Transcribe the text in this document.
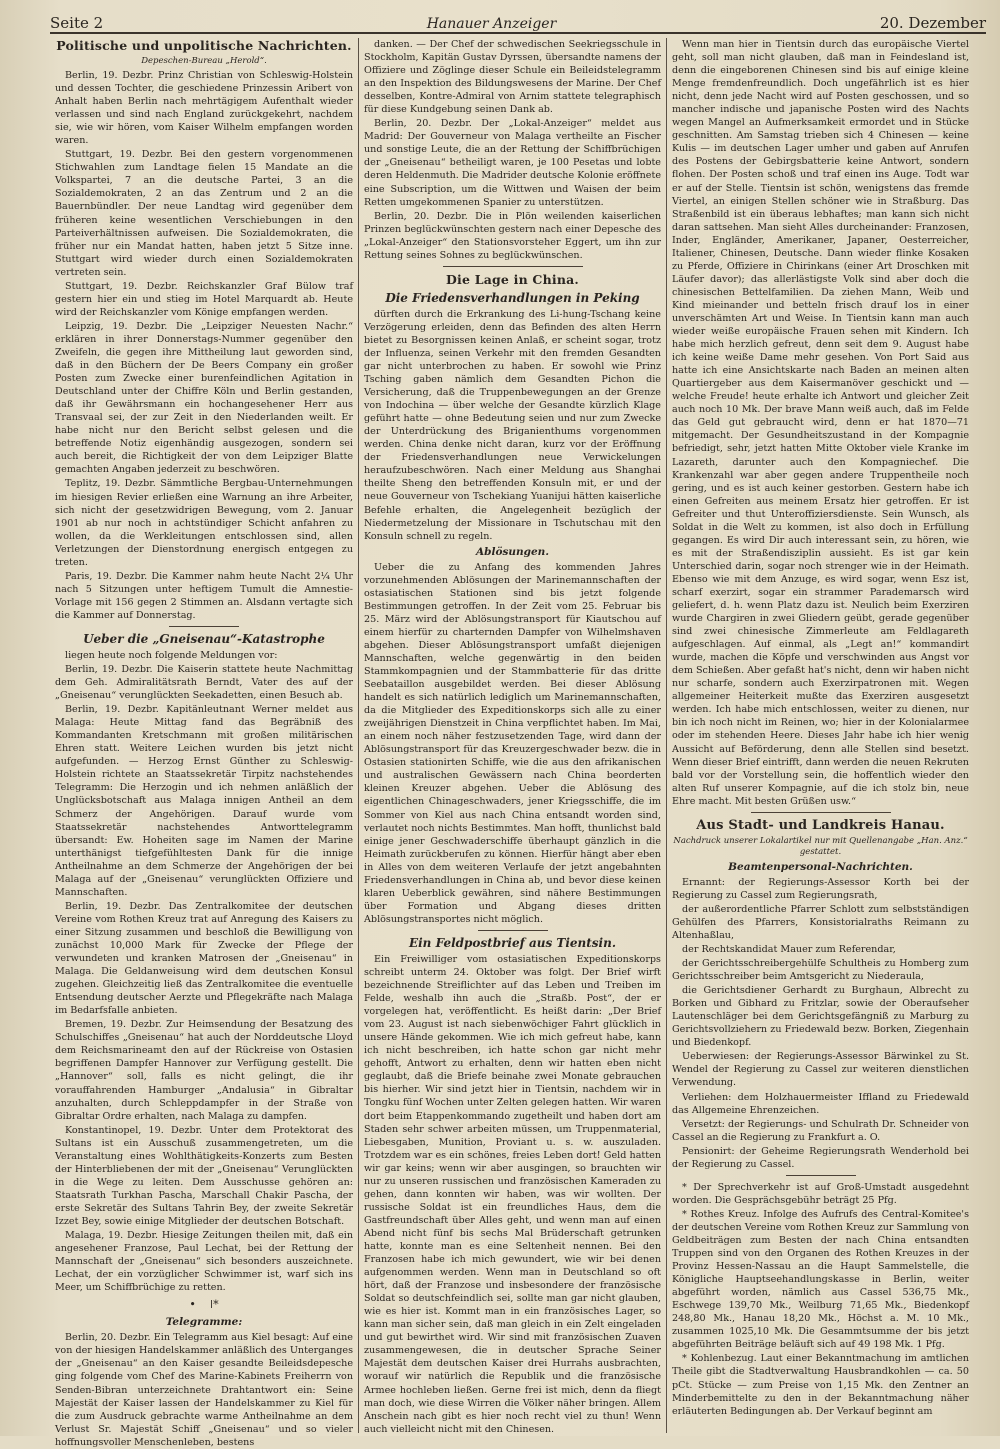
Seite 2	Hanauer Anzeiger	20. Dezember
Politische und unpolitische Nachrichten.
Depeschen-Bureau „Herold“.

Berlin, 19. Dezbr. Prinz Christian von Schleswig-Holstein und dessen Tochter, die geschiedene Prinzessin Aribert von Anhalt haben Berlin nach mehrtägigem Aufenthalt wieder verlassen und sind nach England zurückgekehrt, nachdem sie, wie wir hören, vom Kaiser Wilhelm empfangen worden waren.

Stuttgart, 19. Dezbr. Bei den gestern vorgenommenen Stichwahlen zum Landtage fielen 15 Mandate an die Volkspartei, 7 an die deutsche Partei, 3 an die Sozialdemokraten, 2 an das Zentrum und 2 an die Bauernbündler. Der neue Landtag wird gegenüber dem früheren keine wesentlichen Verschiebungen in den Parteiverhältnissen aufweisen. Die Sozialdemokraten, die früher nur ein Mandat hatten, haben jetzt 5 Sitze inne. Stuttgart wird wieder durch einen Sozialdemokraten vertreten sein.

Stuttgart, 19. Dezbr. Reichskanzler Graf Bülow traf gestern hier ein und stieg im Hotel Marquardt ab. Heute wird der Reichskanzler vom Könige empfangen werden.

Leipzig, 19. Dezbr. Die „Leipziger Neuesten Nachr.“ erklären in ihrer Donnerstags-Nummer gegenüber den Zweifeln, die gegen ihre Mittheilung laut geworden sind, daß in den Büchern der De Beers Company ein großer Posten zum Zwecke einer burenfeindlichen Agitation in Deutschland unter der Chiffre Köln und Berlin gestanden, daß ihr Gewährsmann ein hochangesehener Herr aus Transvaal sei, der zur Zeit in den Niederlanden weilt. Er habe nicht nur den Bericht selbst gelesen und die betreffende Notiz eigenhändig ausgezogen, sondern sei auch bereit, die Richtigkeit der von dem Leipziger Blatte gemachten Angaben jederzeit zu beschwören.

Teplitz, 19. Dezbr. Sämmtliche Bergbau-Unternehmungen im hiesigen Revier erließen eine Warnung an ihre Arbeiter, sich nicht der gesetzwidrigen Bewegung, vom 2. Januar 1901 ab nur noch in achtstündiger Schicht anfahren zu wollen, da die Werkleitungen entschlossen sind, allen Verletzungen der Dienstordnung energisch entgegen zu treten.

Paris, 19. Dezbr. Die Kammer nahm heute Nacht 2¼ Uhr nach 5 Sitzungen unter heftigem Tumult die Amnestie-Vorlage mit 156 gegen 2 Stimmen an. Alsdann vertagte sich die Kammer auf Donnerstag.

Ueber die „Gneisenau“-Katastrophe

liegen heute noch folgende Meldungen vor:

Berlin, 19. Dezbr. Die Kaiserin stattete heute Nachmittag dem Geh. Admiralitätsrath Berndt, Vater des auf der „Gneisenau“ verunglückten Seekadetten, einen Besuch ab.

Berlin, 19. Dezbr. Kapitänleutnant Werner meldet aus Malaga: Heute Mittag fand das Begräbniß des Kommandanten Kretschmann mit großen militärischen Ehren statt. Weitere Leichen wurden bis jetzt nicht aufgefunden. — Herzog Ernst Günther zu Schleswig-Holstein richtete an Staatssekretär Tirpitz nachstehendes Telegramm: Die Herzogin und ich nehmen anläßlich der Unglücksbotschaft aus Malaga innigen Antheil an dem Schmerz der Angehörigen. Darauf wurde vom Staatssekretär nachstehendes Antworttelegramm übersandt: Ew. Hoheiten sage im Namen der Marine unterthänigst tiefgefühltesten Dank für die innige Antheilnahme an dem Schmerze der Angehörigen der bei Malaga auf der „Gneisenau“ verunglückten Offiziere und Mannschaften.

Berlin, 19. Dezbr. Das Zentralkomitee der deutschen Vereine vom Rothen Kreuz trat auf Anregung des Kaisers zu einer Sitzung zusammen und beschloß die Bewilligung von zunächst 10,000 Mark für Zwecke der Pflege der verwundeten und kranken Matrosen der „Gneisenau“ in Malaga. Die Geldanweisung wird dem deutschen Konsul zugehen. Gleichzeitig ließ das Zentralkomitee die eventuelle Entsendung deutscher Aerzte und Pflegekräfte nach Malaga im Bedarfsfalle anbieten.

Bremen, 19. Dezbr. Zur Heimsendung der Besatzung des Schulschiffes „Gneisenau“ hat auch der Norddeutsche Lloyd dem Reichsmarineamt den auf der Rückreise von Ostasien begriffenen Dampfer Hannover zur Verfügung gestellt. Die „Hannover“ soll, falls es nicht gelingt, die ihr vorauffahrenden Hamburger „Andalusia“ in Gibraltar anzuhalten, durch Schleppdampfer in der Straße von Gibraltar Ordre erhalten, nach Malaga zu dampfen.

Konstantinopel, 19. Dezbr. Unter dem Protektorat des Sultans ist ein Ausschuß zusammengetreten, um die Veranstaltung eines Wohlthätigkeits-Konzerts zum Besten der Hinterbliebenen der mit der „Gneisenau“ Verunglückten in die Wege zu leiten. Dem Ausschusse gehören an: Staatsrath Turkhan Pascha, Marschall Chakir Pascha, der erste Sekretär des Sultans Tahrin Bey, der zweite Sekretär Izzet Bey, sowie einige Mitglieder der deutschen Botschaft.

Malaga, 19. Dezbr. Hiesige Zeitungen theilen mit, daß ein angesehener Franzose, Paul Lechat, bei der Rettung der Mannschaft der „Gneisenau“ sich besonders auszeichnete. Lechat, der ein vorzüglicher Schwimmer ist, warf sich ins Meer, um Schiffbrüchige zu retten.

•    ǀ*
Telegramme:

Berlin, 20. Dezbr. Ein Telegramm aus Kiel besagt: Auf eine von der hiesigen Handelskammer anläßlich des Unterganges der „Gneisenau“ an den Kaiser gesandte Beileidsdepesche ging folgende vom Chef des Marine-Kabinets Freiherrn von Senden-Bibran unterzeichnete Drahtantwort ein: Seine Majestät der Kaiser lassen der Handelskammer zu Kiel für die zum Ausdruck gebrachte warme Antheilnahme an dem Verlust Sr. Majestät Schiff „Gneisenau“ und so vieler hoffnungsvoller Menschenleben, bestens

danken. — Der Chef der schwedischen Seekriegsschule in Stockholm, Kapitän Gustav Dyrssen, übersandte namens der Offiziere und Zöglinge dieser Schule ein Beileidstelegramm an den Inspektion des Bildungswesens der Marine. Der Chef desselben, Kontre-Admiral von Arnim stattete telegraphisch für diese Kundgebung seinen Dank ab.

Berlin, 20. Dezbr. Der „Lokal-Anzeiger“ meldet aus Madrid: Der Gouverneur von Malaga vertheilte an Fischer und sonstige Leute, die an der Rettung der Schiffbrüchigen der „Gneisenau“ betheiligt waren, je 100 Pesetas und lobte deren Heldenmuth. Die Madrider deutsche Kolonie eröffnete eine Subscription, um die Wittwen und Waisen der beim Retten umgekommenen Spanier zu unterstützen.

Berlin, 20. Dezbr. Die in Plön weilenden kaiserlichen Prinzen beglückwünschten gestern nach einer Depesche des „Lokal-Anzeiger“ den Stationsvorsteher Eggert, um ihn zur Rettung seines Sohnes zu beglückwünschen.

Die Lage in China.
Die Friedensverhandlungen in Peking

dürften durch die Erkrankung des Li-hung-Tschang keine Verzögerung erleiden, denn das Befinden des alten Herrn bietet zu Besorgnissen keinen Anlaß, er scheint sogar, trotz der Influenza, seinen Verkehr mit den fremden Gesandten gar nicht unterbrochen zu haben. Er sowohl wie Prinz Tsching gaben nämlich dem Gesandten Pichon die Versicherung, daß die Truppenbewegungen an der Grenze von Indochina — über welche der Gesandte kürzlich Klage geführt hatte — ohne Bedeutung seien und nur zum Zwecke der Unterdrückung des Briganienthums vorgenommen werden. China denke nicht daran, kurz vor der Eröffnung der Friedensverhandlungen neue Verwickelungen heraufzubeschwören. Nach einer Meldung aus Shanghai theilte Sheng den betreffenden Konsuln mit, er und der neue Gouverneur von Tschekiang Yuanijui hätten kaiserliche Befehle erhalten, die Angelegenheit bezüglich der Niedermetzelung der Missionare in Tschutschau mit den Konsuln schnell zu regeln.

Ablösungen.

Ueber die zu Anfang des kommenden Jahres vorzunehmenden Ablösungen der Marinemannschaften der ostasiatischen Stationen sind bis jetzt folgende Bestimmungen getroffen. In der Zeit vom 25. Februar bis 25. März wird der Ablösungstransport für Kiautschou auf einem hierfür zu charternden Dampfer von Wilhelmshaven abgehen. Dieser Ablösungstransport umfaßt diejenigen Mannschaften, welche gegenwärtig in den beiden Stammkompagnien und der Stammbatterie für das dritte Seebataillon ausgebildet werden. Bei dieser Ablösung handelt es sich natürlich lediglich um Marinemannschaften, da die Mitglieder des Expeditionskorps sich alle zu einer zweijährigen Dienstzeit in China verpflichtet haben. Im Mai, an einem noch näher festzusetzenden Tage, wird dann der Ablösungstransport für das Kreuzergeschwader bezw. die in Ostasien stationirten Schiffe, wie die aus den afrikanischen und australischen Gewässern nach China beorderten kleinen Kreuzer abgehen. Ueber die Ablösung des eigentlichen Chinageschwaders, jener Kriegsschiffe, die im Sommer von Kiel aus nach China entsandt worden sind, verlautet noch nichts Bestimmtes. Man hofft, thunlichst bald einige jener Geschwaderschiffe überhaupt gänzlich in die Heimath zurückberufen zu können. Hierfür hängt aber eben in Alles von dem weiteren Verlaufe der jetzt angebahnten Friedensverhandlungen in China ab, und bevor diese keinen klaren Ueberblick gewähren, sind nähere Bestimmungen über Formation und Abgang dieses dritten Ablösungstransportes nicht möglich.

Ein Feldpostbrief aus Tientsin.

Ein Freiwilliger vom ostasiatischen Expeditionskorps schreibt unterm 24. Oktober was folgt. Der Brief wirft bezeichnende Streiflichter auf das Leben und Treiben im Felde, weshalb ihn auch die „Straßb. Post“, der er vorgelegen hat, veröffentlicht. Es heißt darin: „Der Brief vom 23. August ist nach siebenwöchiger Fahrt glücklich in unsere Hände gekommen. Wie ich mich gefreut habe, kann ich nicht beschreiben, ich hatte schon gar nicht mehr gehofft, Antwort zu erhalten, denn wir hatten eben nicht geglaubt, daß die Briefe beinahe zwei Monate gebrauchen bis hierher. Wir sind jetzt hier in Tientsin, nachdem wir in Tongku fünf Wochen unter Zelten gelegen hatten. Wir waren dort beim Etappenkommando zugetheilt und haben dort am Staden sehr schwer arbeiten müssen, um Truppenmaterial, Liebesgaben, Munition, Proviant u. s. w. auszuladen. Trotzdem war es ein schönes, freies Leben dort! Geld hatten wir gar keins; wenn wir aber ausgingen, so brauchten wir nur zu unseren russischen und französischen Kameraden zu gehen, dann konnten wir haben, was wir wollten. Der russische Soldat ist ein freundliches Haus, dem die Gastfreundschaft über Alles geht, und wenn man auf einen Abend nicht fünf bis sechs Mal Brüderschaft getrunken hatte, konnte man es eine Seltenheit nennen. Bei den Franzosen habe ich mich gewundert, wie wir bei denen aufgenommen werden. Wenn man in Deutschland so oft hört, daß der Franzose und insbesondere der französische Soldat so deutschfeindlich sei, sollte man gar nicht glauben, wie es hier ist. Kommt man in ein französisches Lager, so kann man sicher sein, daß man gleich in ein Zelt eingeladen und gut bewirthet wird. Wir sind mit französischen Zuaven zusammengewesen, die in deutscher Sprache Seiner Majestät dem deutschen Kaiser drei Hurrahs ausbrachten, worauf wir natürlich die Republik und die französische Armee hochleben ließen. Gerne frei ist mich, denn da fliegt man doch, wie diese Wirren die Völker näher bringen. Allem Anschein nach gibt es hier noch recht viel zu thun! Wenn auch vielleicht nicht mit den Chinesen.

Wenn man hier in Tientsin durch das europäische Viertel geht, soll man nicht glauben, daß man in Feindesland ist, denn die eingeborenen Chinesen sind bis auf einige kleine Menge fremdenfreundlich. Doch ungefährlich ist es hier nicht, denn jede Nacht wird auf Posten geschossen, und so mancher indische und japanische Posten wird des Nachts wegen Mangel an Aufmerksamkeit ermordet und in Stücke geschnitten. Am Samstag trieben sich 4 Chinesen — keine Kulis — im deutschen Lager umher und gaben auf Anrufen des Postens der Gebirgsbatterie keine Antwort, sondern flohen. Der Posten schoß und traf einen ins Auge. Todt war er auf der Stelle. Tientsin ist schön, wenigstens das fremde Viertel, an einigen Stellen schöner wie in Straßburg. Das Straßenbild ist ein überaus lebhaftes; man kann sich nicht daran sattsehen. Man sieht Alles durcheinander: Franzosen, Inder, Engländer, Amerikaner, Japaner, Oesterreicher, Italiener, Chinesen, Deutsche. Dann wieder flinke Kosaken zu Pferde, Offiziere in Chirinkans (einer Art Droschken mit Läufer davor); das allerlästigste Volk sind aber doch die chinesischen Bettelfamilien. Da ziehen Mann, Weib und Kind mieinander und betteln frisch drauf los in einer unverschämten Art und Weise. In Tientsin kann man auch wieder weiße europäische Frauen sehen mit Kindern. Ich habe mich herzlich gefreut, denn seit dem 9. August habe ich keine weiße Dame mehr gesehen. Von Port Said aus hatte ich eine Ansichtskarte nach Baden an meinen alten Quartiergeber aus dem Kaisermanöver geschickt und — welche Freude! heute erhalte ich Antwort und gleicher Zeit auch noch 10 Mk. Der brave Mann weiß auch, daß im Felde das Geld gut gebraucht wird, denn er hat 1870—71 mitgemacht. Der Gesundheitszustand in der Kompagnie befriedigt, sehr, jetzt hatten Mitte Oktober viele Kranke im Lazareth, darunter auch den Kompagniechef. Die Krankenzahl war aber gegen andere Truppentheile noch gering, und es ist auch keiner gestorben. Gestern habe ich einen Gefreiten aus meinem Ersatz hier getroffen. Er ist Gefreiter und thut Unteroffiziersdienste. Sein Wunsch, als Soldat in die Welt zu kommen, ist also doch in Erfüllung gegangen. Es wird Dir auch interessant sein, zu hören, wie es mit der Straßendisziplin aussieht. Es ist gar kein Unterschied darin, sogar noch strenger wie in der Heimath. Ebenso wie mit dem Anzuge, es wird sogar, wenn Esz ist, scharf exerzirt, sogar ein strammer Parademarsch wird geliefert, d. h. wenn Platz dazu ist. Neulich beim Exerziren wurde Chargiren in zwei Gliedern geübt, gerade gegenüber sind zwei chinesische Zimmerleute am Feldlagareth aufgeschlagen. Auf einmal, als „Legt an!“ kommandirt wurde, machen die Köpfe und verschwinden aus Angst vor dem Schießen. Aber gefaßt hat's nicht, denn wir haben nicht nur scharfe, sondern auch Exerzirpatronen mit. Wegen allgemeiner Heiterkeit mußte das Exerziren ausgesetzt werden. Ich habe mich entschlossen, weiter zu dienen, nur bin ich noch nicht im Reinen, wo; hier in der Kolonialarmee oder im stehenden Heere. Dieses Jahr habe ich hier wenig Aussicht auf Beförderung, denn alle Stellen sind besetzt. Wenn dieser Brief eintrifft, dann werden die neuen Rekruten bald vor der Vorstellung sein, die hoffentlich wieder den alten Ruf unserer Kompagnie, auf die ich stolz bin, neue Ehre macht. Mit besten Grüßen usw.“

Aus Stadt- und Landkreis Hanau.
Nachdruck unserer Lokalartikel nur mit Quellenangabe „Han. Anz.“ gestattet.
Beamtenpersonal-Nachrichten.

Ernannt: der Regierungs-Assessor Korth bei der Regierung zu Cassel zum Regierungsrath,

der außerordentliche Pfarrer Schlott zum selbstständigen Gehülfen des Pfarrers, Konsistorialraths Reimann zu Altenhaßlau,

der Rechtskandidat Mauer zum Referendar,

der Gerichtsschreibergehülfe Schultheis zu Homberg zum Gerichtsschreiber beim Amtsgericht zu Niederaula,

die Gerichtsdiener Gerhardt zu Burghaun, Albrecht zu Borken und Gibhard zu Fritzlar, sowie der Oberaufseher Lautenschläger bei dem Gerichtsgefängniß zu Marburg zu Gerichtsvollziehern zu Friedewald bezw. Borken, Ziegenhain und Biedenkopf.

Ueberwiesen: der Regierungs-Assessor Bärwinkel zu St. Wendel der Regierung zu Cassel zur weiteren dienstlichen Verwendung.

Verliehen: dem Holzhauermeister Iffland zu Friedewald das Allgemeine Ehrenzeichen.

Versetzt: der Regierungs- und Schulrath Dr. Schneider von Cassel an die Regierung zu Frankfurt a. O.

Pensionirt: der Geheime Regierungsrath Wenderhold bei der Regierung zu Cassel.

* Der Sprechverkehr ist auf Groß-Umstadt ausgedehnt worden. Die Gesprächsgebühr beträgt 25 Pfg.

* Rothes Kreuz. Infolge des Aufrufs des Central-Komitee's der deutschen Vereine vom Rothen Kreuz zur Sammlung von Geldbeiträgen zum Besten der nach China entsandten Truppen sind von den Organen des Rothen Kreuzes in der Provinz Hessen-Nassau an die Haupt Sammelstelle, die Königliche Hauptseehandlungskasse in Berlin, weiter abgeführt worden, nämlich aus Cassel 536,75 Mk., Eschwege 139,70 Mk., Weilburg 71,65 Mk., Biedenkopf 248,80 Mk., Hanau 18,20 Mk., Höchst a. M. 10 Mk., zusammen 1025,10 Mk. Die Gesammtsumme der bis jetzt abgeführten Beiträge beläuft sich auf 49 198 Mk. 1 Pfg.

* Kohlenbezug. Laut einer Bekanntmachung im amtlichen Theile gibt die Stadtverwaltung Hausbrandkohlen — ca. 50 pCt. Stücke — zum Preise von 1,15 Mk. den Zentner an Minderbemittelte zu den in der Bekanntmachung näher erläuterten Bedingungen ab. Der Verkauf beginnt am
